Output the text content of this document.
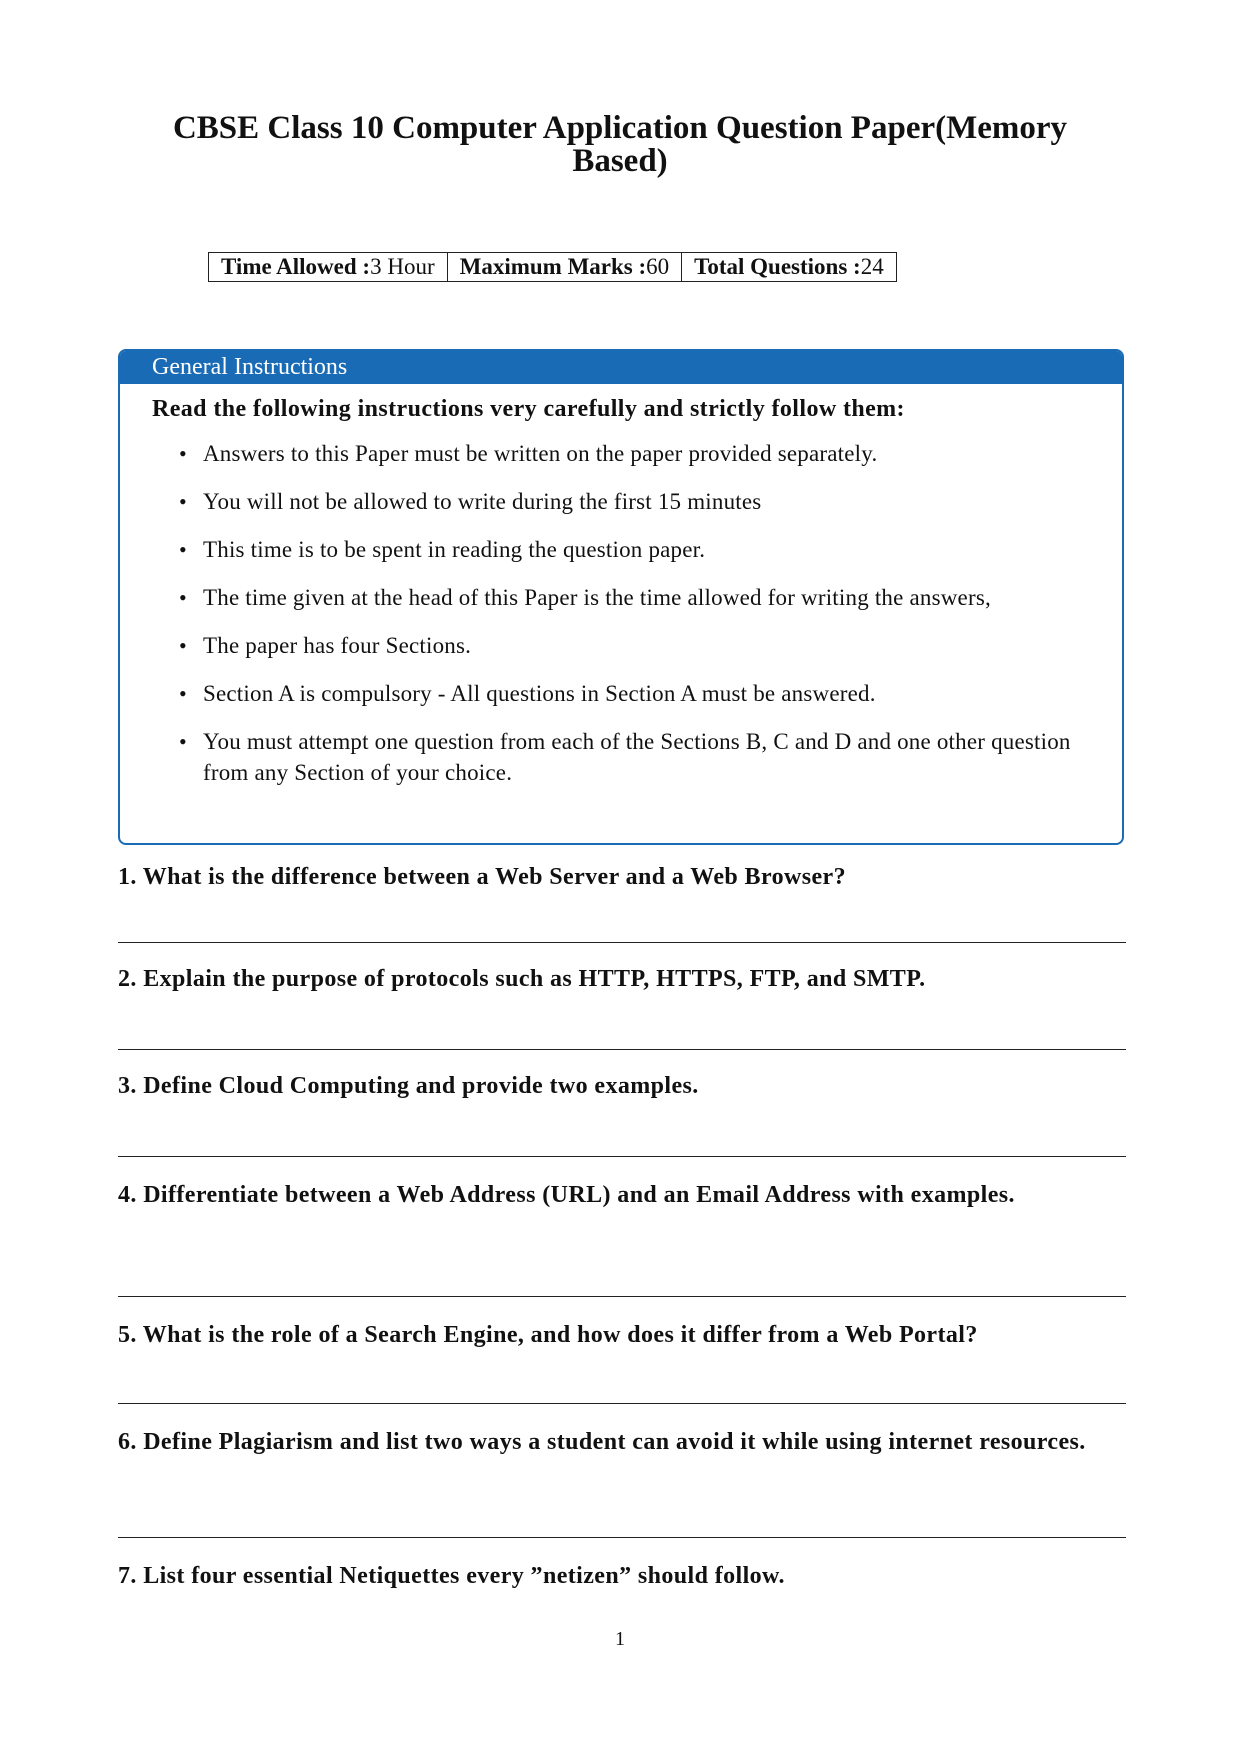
CBSE Class 10 Computer Application Question Paper(Memory Based)
Time Allowed :3 Hour	Maximum Marks :60	Total Questions :24
General Instructions
Read the following instructions very carefully and strictly follow them:
• Answers to this Paper must be written on the paper provided separately.
• You will not be allowed to write during the first 15 minutes
• This time is to be spent in reading the question paper.
• The time given at the head of this Paper is the time allowed for writing the answers,
• The paper has four Sections.
• Section A is compulsory - All questions in Section A must be answered.
• You must attempt one question from each of the Sections B, C and D and one other question from any Section of your choice.

1. What is the difference between a Web Server and a Web Browser?

2. Explain the purpose of protocols such as HTTP, HTTPS, FTP, and SMTP.

3. Define Cloud Computing and provide two examples.

4. Differentiate between a Web Address (URL) and an Email Address with examples.

5. What is the role of a Search Engine, and how does it differ from a Web Portal?

6. Define Plagiarism and list two ways a student can avoid it while using internet resources.

7. List four essential Netiquettes every ”netizen” should follow.

1
